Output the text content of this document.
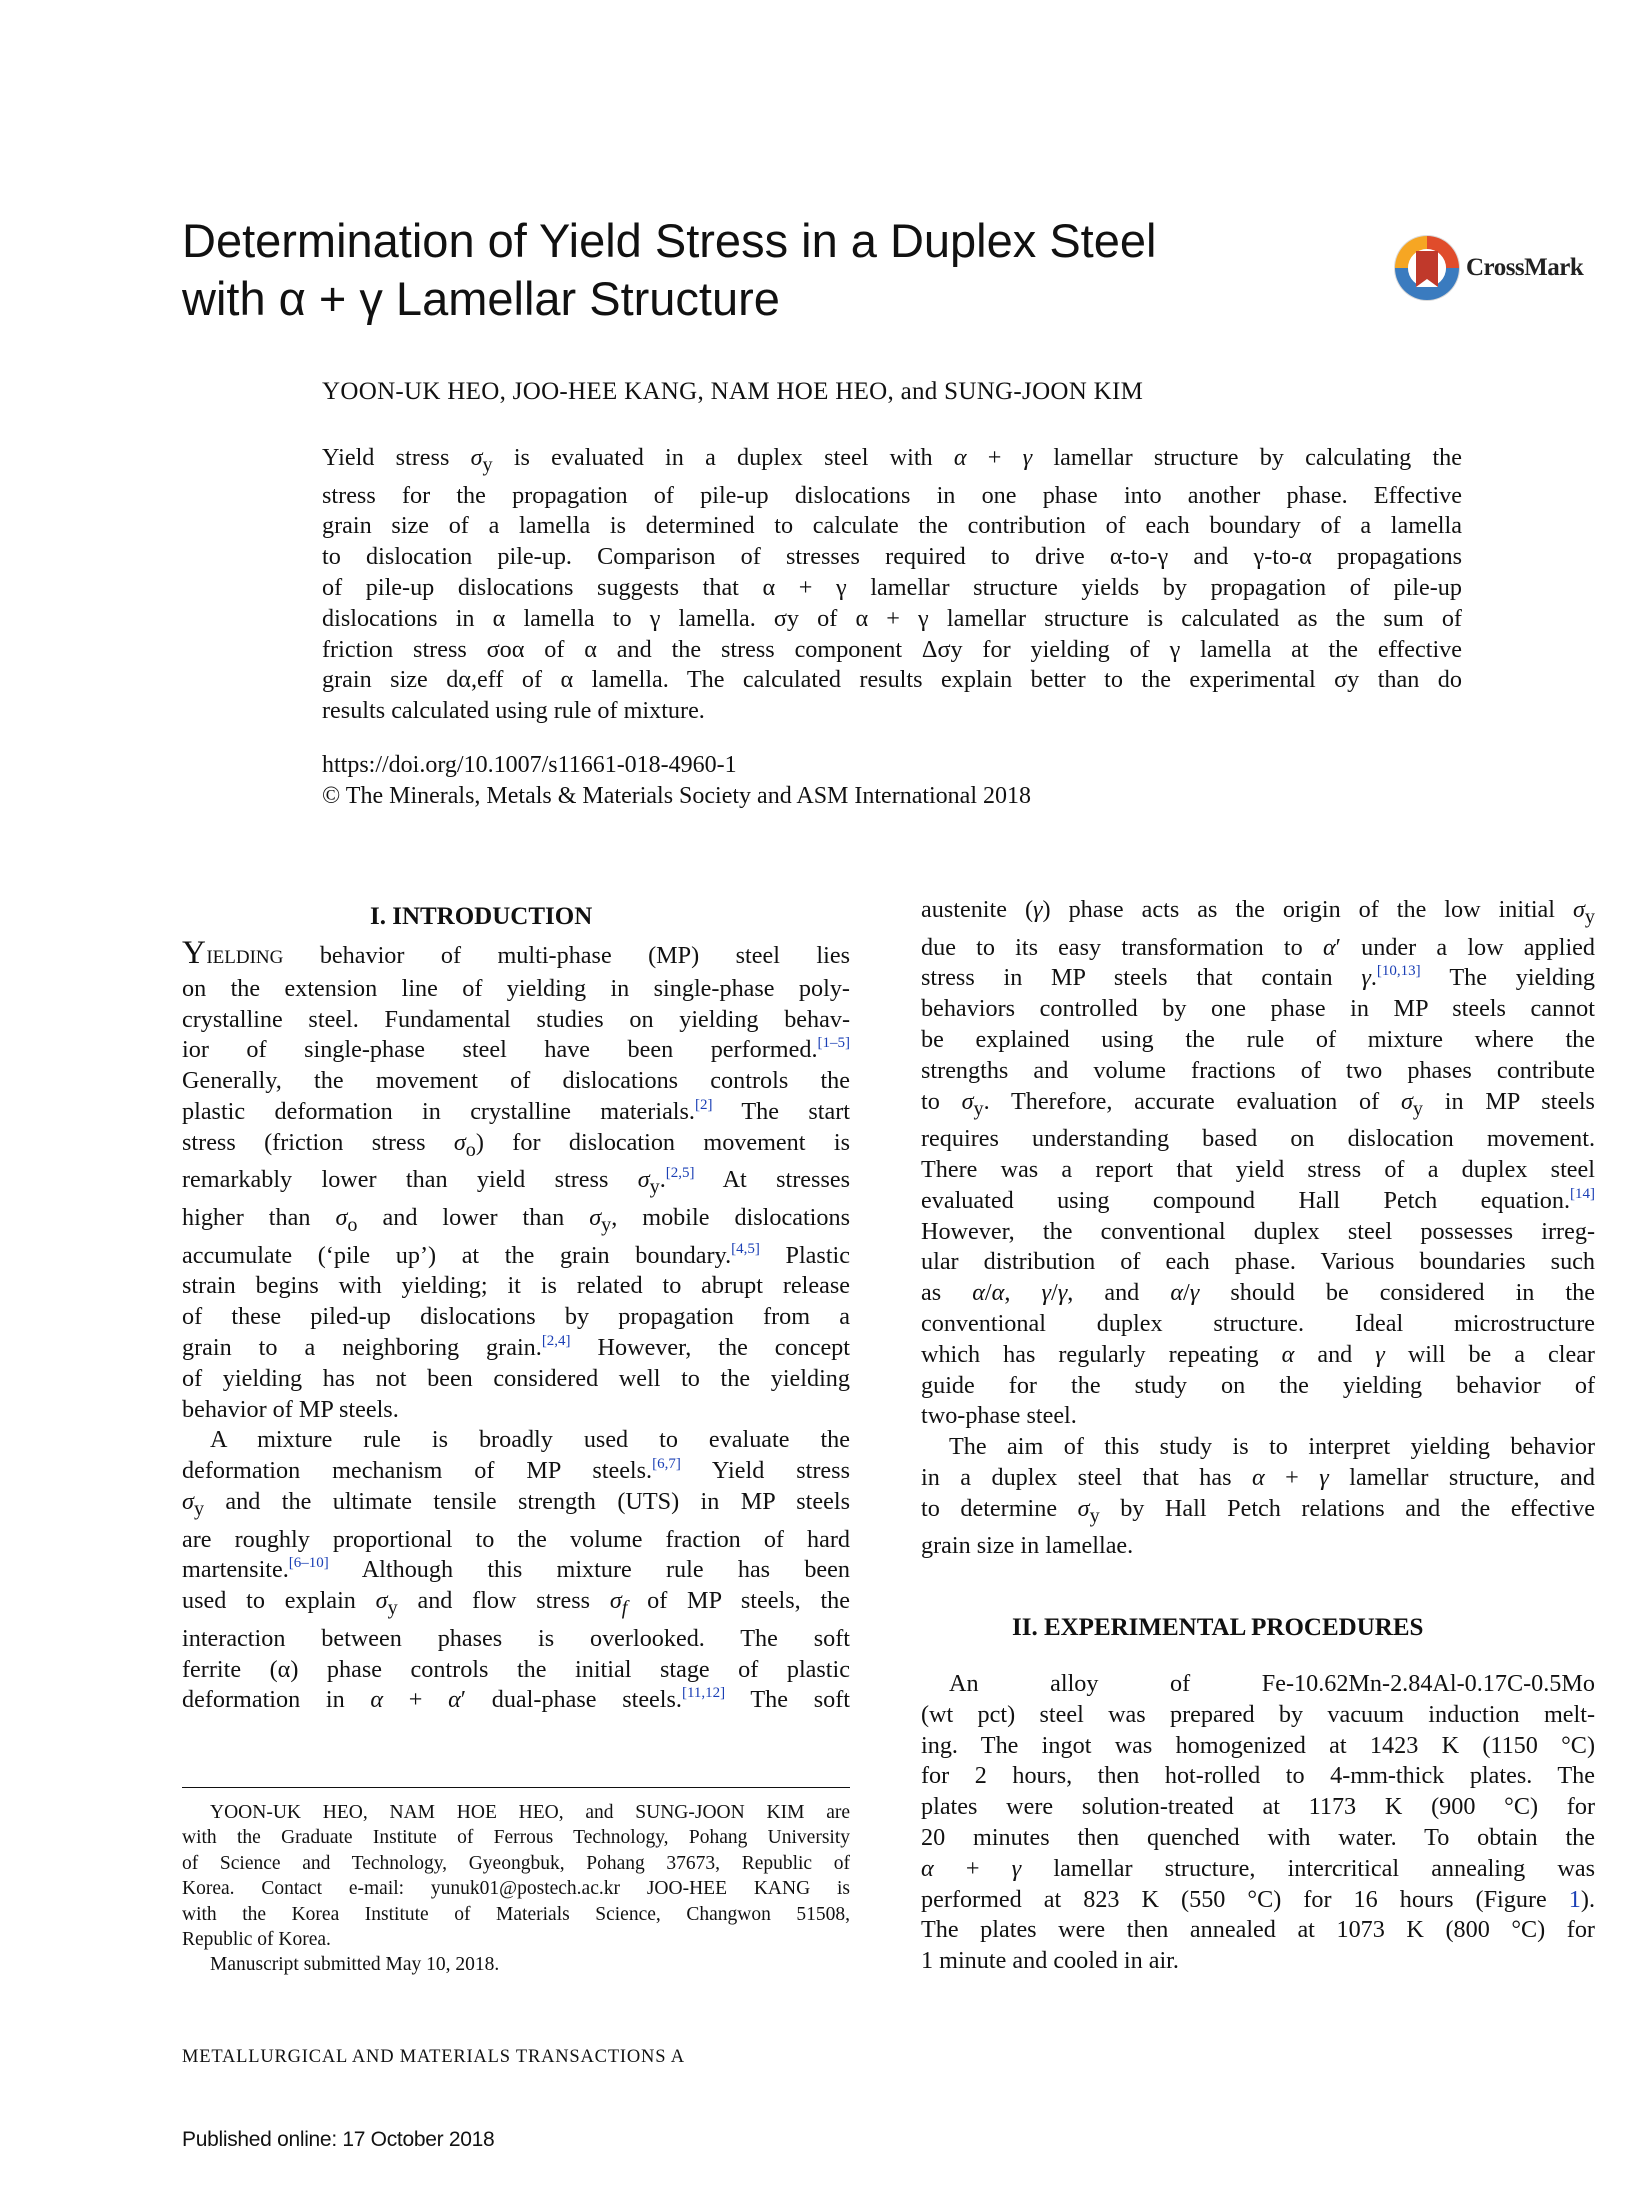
Determination of Yield Stress in a Duplex Steel
with α + γ Lamellar Structure
CrossMark
YOON-UK HEO, JOO-HEE KANG, NAM HOE HEO, and SUNG-JOON KIM
Yield stress $\sigma_y$ is evaluated in a duplex steel with α + γ lamellar structure by calculating the
stress for the propagation of pile-up dislocations in one phase into another phase. Effective
grain size of a lamella is determined to calculate the contribution of each boundary of a lamella
to dislocation pile-up. Comparison of stresses required to drive α-to-γ and γ-to-α propagations
of pile-up dislocations suggests that α + γ lamellar structure yields by propagation of pile-up
dislocations in α lamella to γ lamella. σy of α + γ lamellar structure is calculated as the sum of
friction stress σoα of α and the stress component Δσy for yielding of γ lamella at the effective
grain size dα,eff of α lamella. The calculated results explain better to the experimental σy than do
results calculated using rule of mixture.
https://doi.org/10.1007/s11661-018-4960-1
© The Minerals, Metals & Materials Society and ASM International 2018
I. INTRODUCTION
YIELDING behavior of multi-phase (MP) steel lies
on the extension line of yielding in single-phase poly-
crystalline steel. Fundamental studies on yielding behav-
ior of single-phase steel have been performed.[1–5]
Generally, the movement of dislocations controls the
plastic deformation in crystalline materials.[2] The start
stress (friction stress $\sigma_o$) for dislocation movement is
remarkably lower than yield stress $\sigma_y.[2,5]$ At stresses
higher than $\sigma_o$ and lower than $\sigma_y$, mobile dislocations
accumulate (‘pile up’) at the grain boundary.[4,5] Plastic
strain begins with yielding; it is related to abrupt release
of these piled-up dislocations by propagation from a
grain to a neighboring grain.[2,4] However, the concept
of yielding has not been considered well to the yielding
behavior of MP steels.
A mixture rule is broadly used to evaluate the
deformation mechanism of MP steels.[6,7] Yield stress
$\sigma_y$ and the ultimate tensile strength (UTS) in MP steels
are roughly proportional to the volume fraction of hard
martensite.[6–10] Although this mixture rule has been
used to explain $\sigma_y$ and flow stress $\sigma_f$ of MP steels, the
interaction between phases is overlooked. The soft
ferrite (α) phase controls the initial stage of plastic
deformation in α + α′ dual-phase steels.[11,12] The soft
austenite (γ) phase acts as the origin of the low initial $\sigma_y$
due to its easy transformation to α′ under a low applied
stress in MP steels that contain γ.[10,13] The yielding
behaviors controlled by one phase in MP steels cannot
be explained using the rule of mixture where the
strengths and volume fractions of two phases contribute
to $\sigma_y$. Therefore, accurate evaluation of $\sigma_y$ in MP steels
requires understanding based on dislocation movement.
There was a report that yield stress of a duplex steel
evaluated using compound Hall Petch equation.[14]
However, the conventional duplex steel possesses irreg-
ular distribution of each phase. Various boundaries such
as α/α, γ/γ, and α/γ should be considered in the
conventional duplex structure. Ideal microstructure
which has regularly repeating α and γ will be a clear
guide for the study on the yielding behavior of
two-phase steel.
The aim of this study is to interpret yielding behavior
in a duplex steel that has α + γ lamellar structure, and
to determine $\sigma_y$ by Hall Petch relations and the effective
grain size in lamellae.
II. EXPERIMENTAL PROCEDURES
An alloy of Fe-10.62Mn-2.84Al-0.17C-0.5Mo
(wt pct) steel was prepared by vacuum induction melt-
ing. The ingot was homogenized at 1423 K (1150 °C)
for 2 hours, then hot-rolled to 4-mm-thick plates. The
plates were solution-treated at 1173 K (900 °C) for
20 minutes then quenched with water. To obtain the
α + γ lamellar structure, intercritical annealing was
performed at 823 K (550 °C) for 16 hours (Figure 1).
The plates were then annealed at 1073 K (800 °C) for
1 minute and cooled in air.
YOON-UK HEO, NAM HOE HEO, and SUNG-JOON KIM are
with the Graduate Institute of Ferrous Technology, Pohang University
of Science and Technology, Gyeongbuk, Pohang 37673, Republic of
Korea. Contact e-mail: yunuk01@postech.ac.kr JOO-HEE KANG is
with the Korea Institute of Materials Science, Changwon 51508,
Republic of Korea.
Manuscript submitted May 10, 2018.
METALLURGICAL AND MATERIALS TRANSACTIONS A
Published online: 17 October 2018
